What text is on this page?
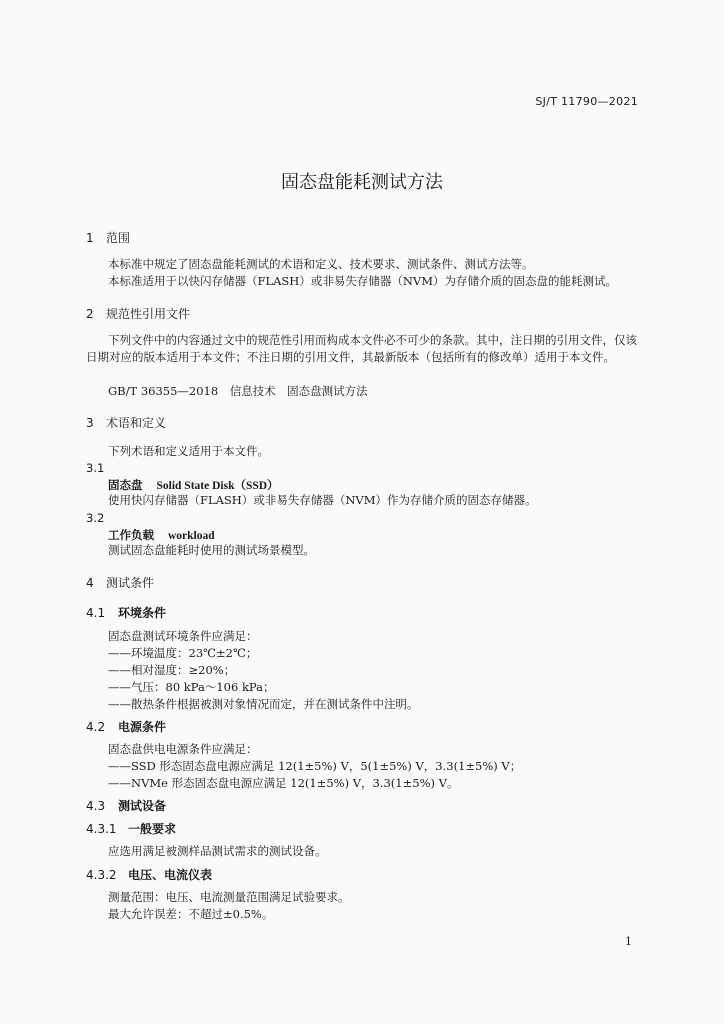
SJ/T 11790—2021
固态盘能耗测试方法
1 范围
本标准中规定了固态盘能耗测试的术语和定义、技术要求、测试条件、测试方法等。
本标准适用于以快闪存储器（FLASH）或非易失存储器（NVM）为存储介质的固态盘的能耗测试。
2 规范性引用文件
下列文件中的内容通过文中的规范性引用而构成本文件必不可少的条款。其中，注日期的引用文件，仅该日期对应的版本适用于本文件；不注日期的引用文件，其最新版本（包括所有的修改单）适用于本文件。
GB/T 36355—2018　信息技术　固态盘测试方法
3 术语和定义
下列术语和定义适用于本文件。
3.1
固态盘 Solid State Disk（SSD）
使用快闪存储器（FLASH）或非易失存储器（NVM）作为存储介质的固态存储器。
3.2
工作负载 workload
测试固态盘能耗时使用的测试场景模型。
4 测试条件
4.1 环境条件
固态盘测试环境条件应满足：
——环境温度：23℃±2℃；
——相对湿度：≥20%；
——气压：80 kPa～106 kPa；
——散热条件根据被测对象情况而定，并在测试条件中注明。
4.2 电源条件
固态盘供电电源条件应满足：
——SSD 形态固态盘电源应满足 12(1±5%) V，5(1±5%) V，3.3(1±5%) V；
——NVMe 形态固态盘电源应满足 12(1±5%) V，3.3(1±5%) V。
4.3 测试设备
4.3.1 一般要求
应选用满足被测样品测试需求的测试设备。
4.3.2 电压、电流仪表
测量范围：电压、电流测量范围满足试验要求。
最大允许误差：不超过±0.5%。
1
